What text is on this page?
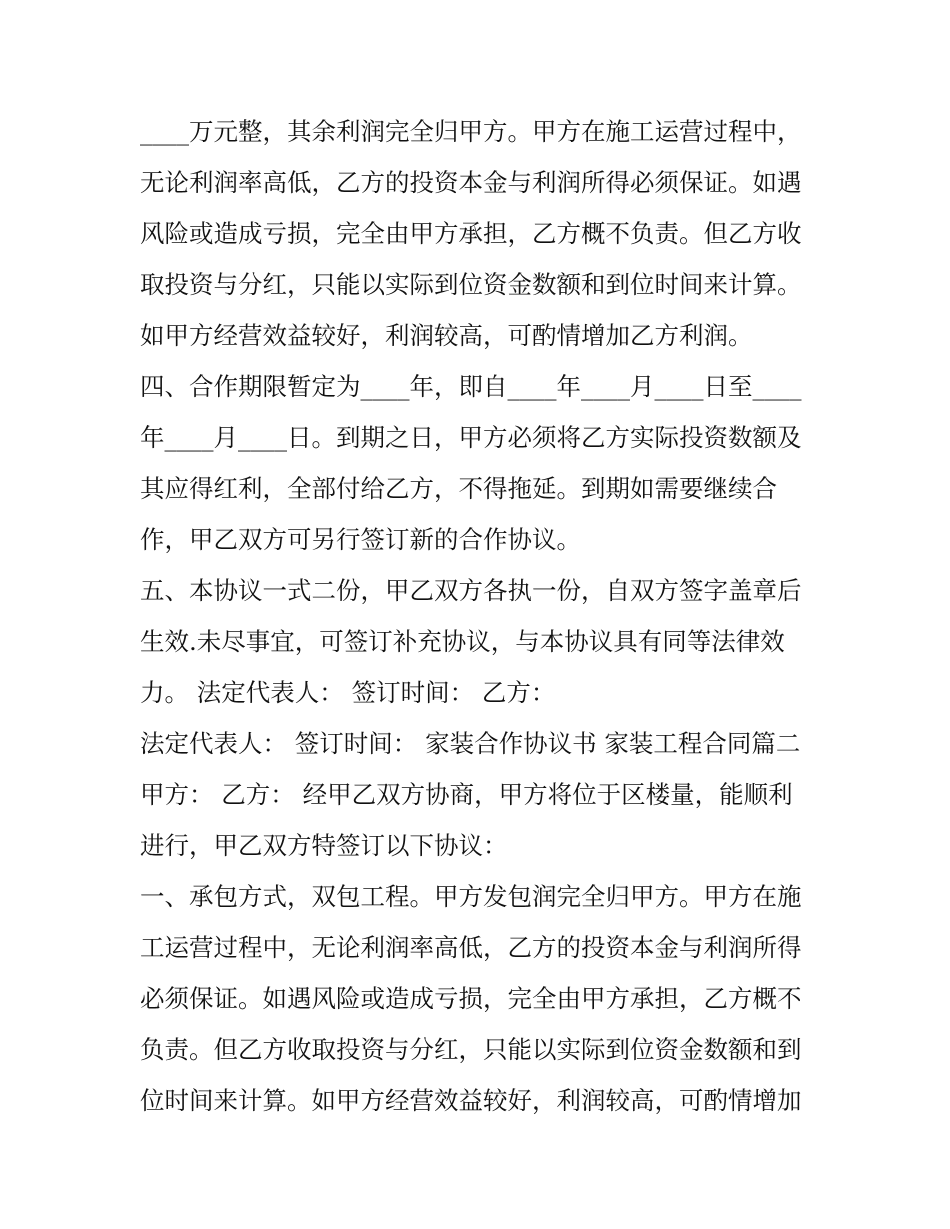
____万元整，其余利润完全归甲方。甲方在施工运营过程中，
无论利润率高低，乙方的投资本金与利润所得必须保证。如遇
风险或造成亏损，完全由甲方承担，乙方概不负责。但乙方收
取投资与分红，只能以实际到位资金数额和到位时间来计算。
如甲方经营效益较好，利润较高，可酌情增加乙方利润。
四、合作期限暂定为____年，即自____年____月____日至____
年____月____日。到期之日，甲方必须将乙方实际投资数额及
其应得红利，全部付给乙方，不得拖延。到期如需要继续合
作，甲乙双方可另行签订新的合作协议。
五、本协议一式二份，甲乙双方各执一份，自双方签字盖章后
生效.未尽事宜，可签订补充协议，与本协议具有同等法律效
力。 法定代表人： 签订时间： 乙方：
法定代表人： 签订时间： 家装合作协议书 家装工程合同篇二
甲方： 乙方： 经甲乙双方协商，甲方将位于区楼量，能顺利
进行，甲乙双方特签订以下协议：
一、承包方式，双包工程。甲方发包润完全归甲方。甲方在施
工运营过程中，无论利润率高低，乙方的投资本金与利润所得
必须保证。如遇风险或造成亏损，完全由甲方承担，乙方概不
负责。但乙方收取投资与分红，只能以实际到位资金数额和到
位时间来计算。如甲方经营效益较好，利润较高，可酌情增加
